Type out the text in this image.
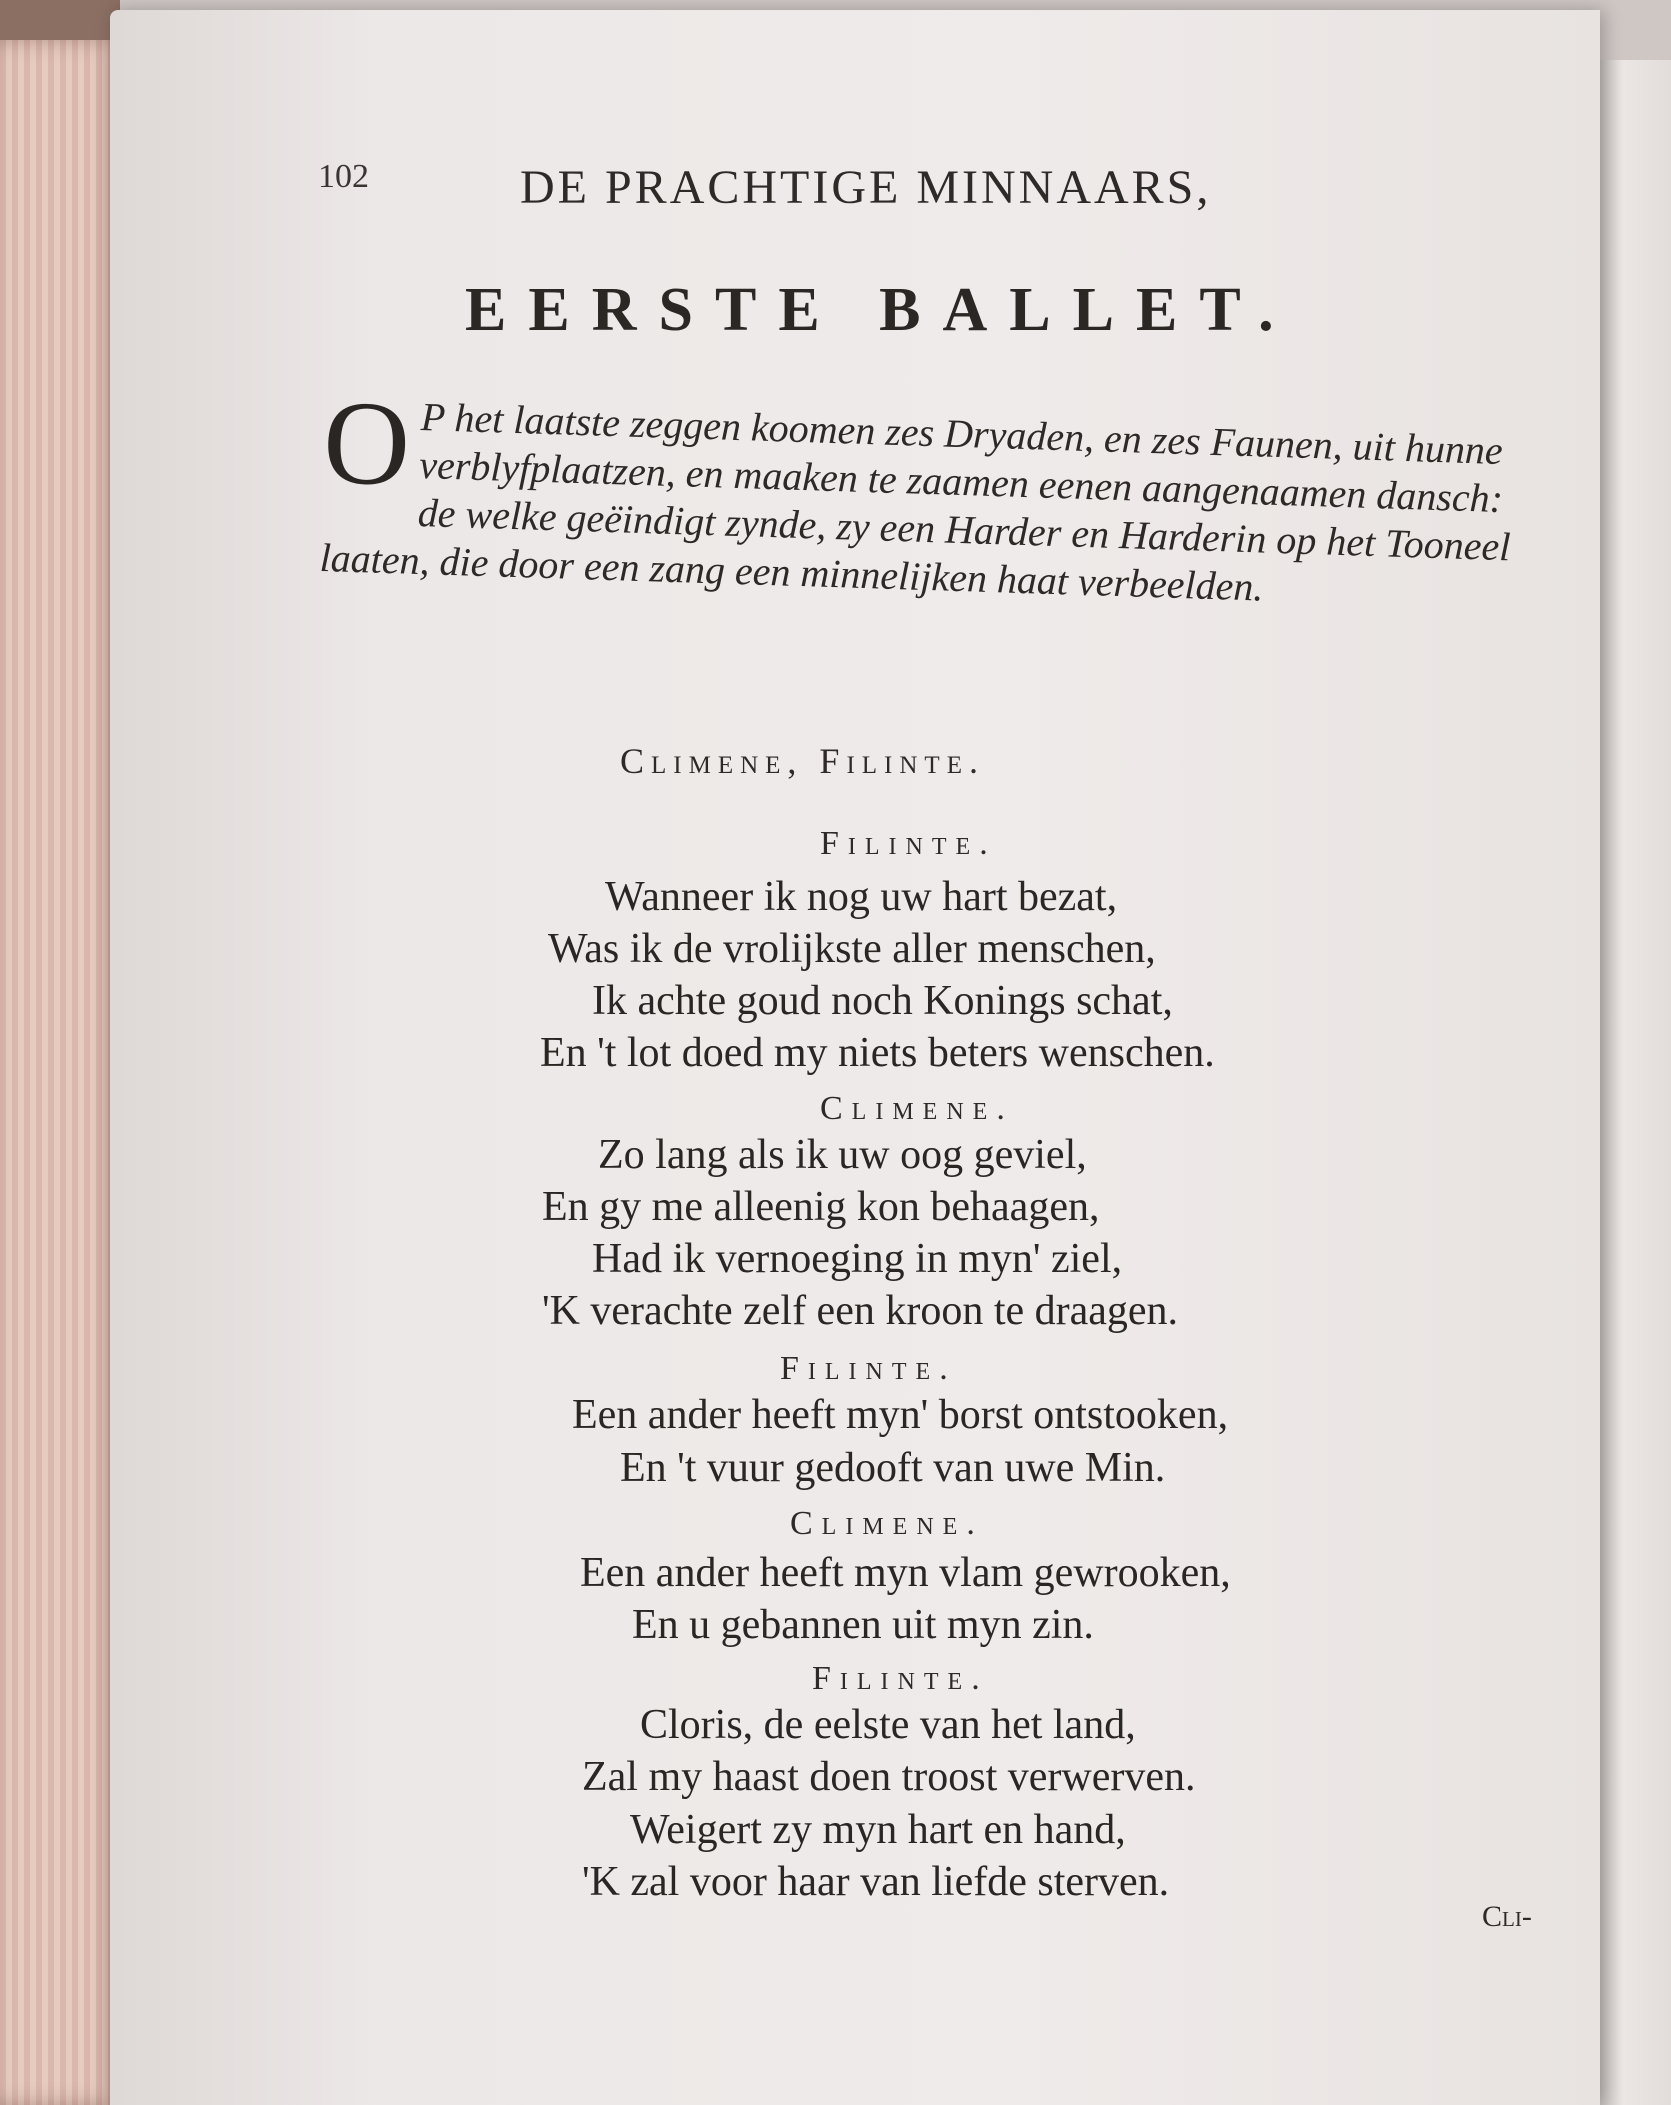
102	DE PRACHTIGE MINNAARS,
EERSTE BALLET.
O P het laatste zeggen koomen zes Dryaden, en zes Faunen, uit hunne verblyfplaatzen, en maaken te zaamen eenen aangenaamen dansch: de welke geëindigt zynde, zy een Harder en Harderin op het Tooneel laaten, die door een zang een minnelijken haat verbeelden.
Climene, Filinte.
Filinte.
Wanneer ik nog uw hart bezat,
Was ik de vrolijkste aller menschen,
Ik achte goud noch Konings schat,
En 't lot doed my niets beters wenschen.
Climene.
Zo lang als ik uw oog geviel,
En gy me alleenig kon behaagen,
Had ik vernoeging in myn' ziel,
'K verachte zelf een kroon te draagen.
Filinte.
Een ander heeft myn' borst ontstooken,
En 't vuur gedooft van uwe Min.
Climene.
Een ander heeft myn vlam gewrooken,
En u gebannen uit myn zin.
Filinte.
Cloris, de eelste van het land,
Zal my haast doen troost verwerven.
Weigert zy myn hart en hand,
'K zal voor haar van liefde sterven.
Cli-
